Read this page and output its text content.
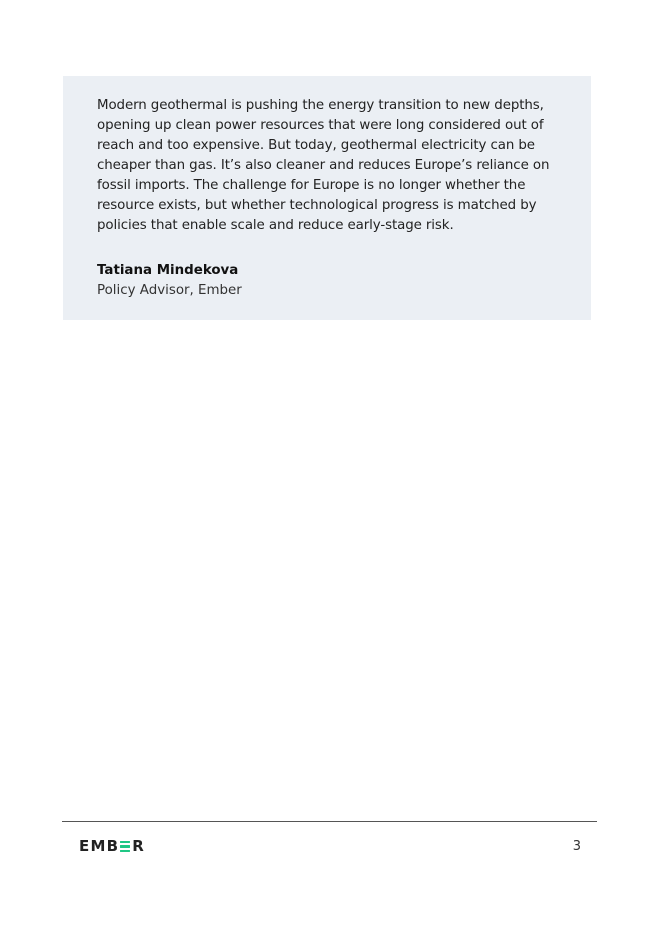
Modern geothermal is pushing the energy transition to new depths,
opening up clean power resources that were long considered out of
reach and too expensive. But today, geothermal electricity can be
cheaper than gas. It’s also cleaner and reduces Europe’s reliance on
fossil imports. The challenge for Europe is no longer whether the
resource exists, but whether technological progress is matched by
policies that enable scale and reduce early-stage risk.

Tatiana Mindekova

Policy Advisor, Ember

EMB R	3
